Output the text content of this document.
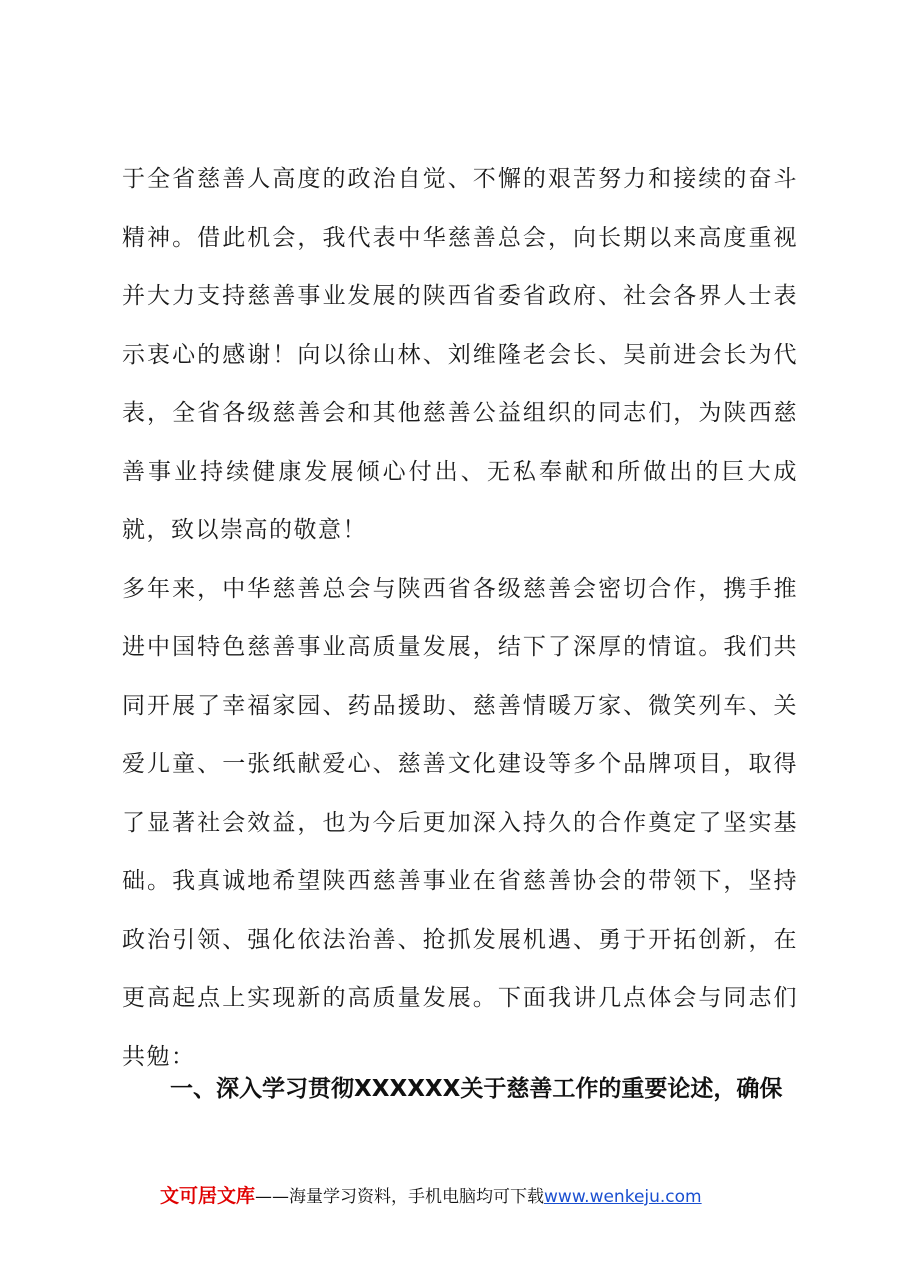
于全省慈善人高度的政治自觉、不懈的艰苦努力和接续的奋斗精神。借此机会，我代表中华慈善总会，向长期以来高度重视并大力支持慈善事业发展的陕西省委省政府、社会各界人士表示衷心的感谢！向以徐山林、刘维隆老会长、吴前进会长为代表，全省各级慈善会和其他慈善公益组织的同志们，为陕西慈善事业持续健康发展倾心付出、无私奉献和所做出的巨大成就，致以崇高的敬意！

多年来，中华慈善总会与陕西省各级慈善会密切合作，携手推进中国特色慈善事业高质量发展，结下了深厚的情谊。我们共同开展了幸福家园、药品援助、慈善情暖万家、微笑列车、关爱儿童、一张纸献爱心、慈善文化建设等多个品牌项目，取得了显著社会效益，也为今后更加深入持久的合作奠定了坚实基础。我真诚地希望陕西慈善事业在省慈善协会的带领下，坚持政治引领、强化依法治善、抢抓发展机遇、勇于开拓创新，在更高起点上实现新的高质量发展。下面我讲几点体会与同志们共勉：

一、深入学习贯彻XXXXXX关于慈善工作的重要论述，确保
文可居文库——海量学习资料，手机电脑均可下载www.wenkeju.com
